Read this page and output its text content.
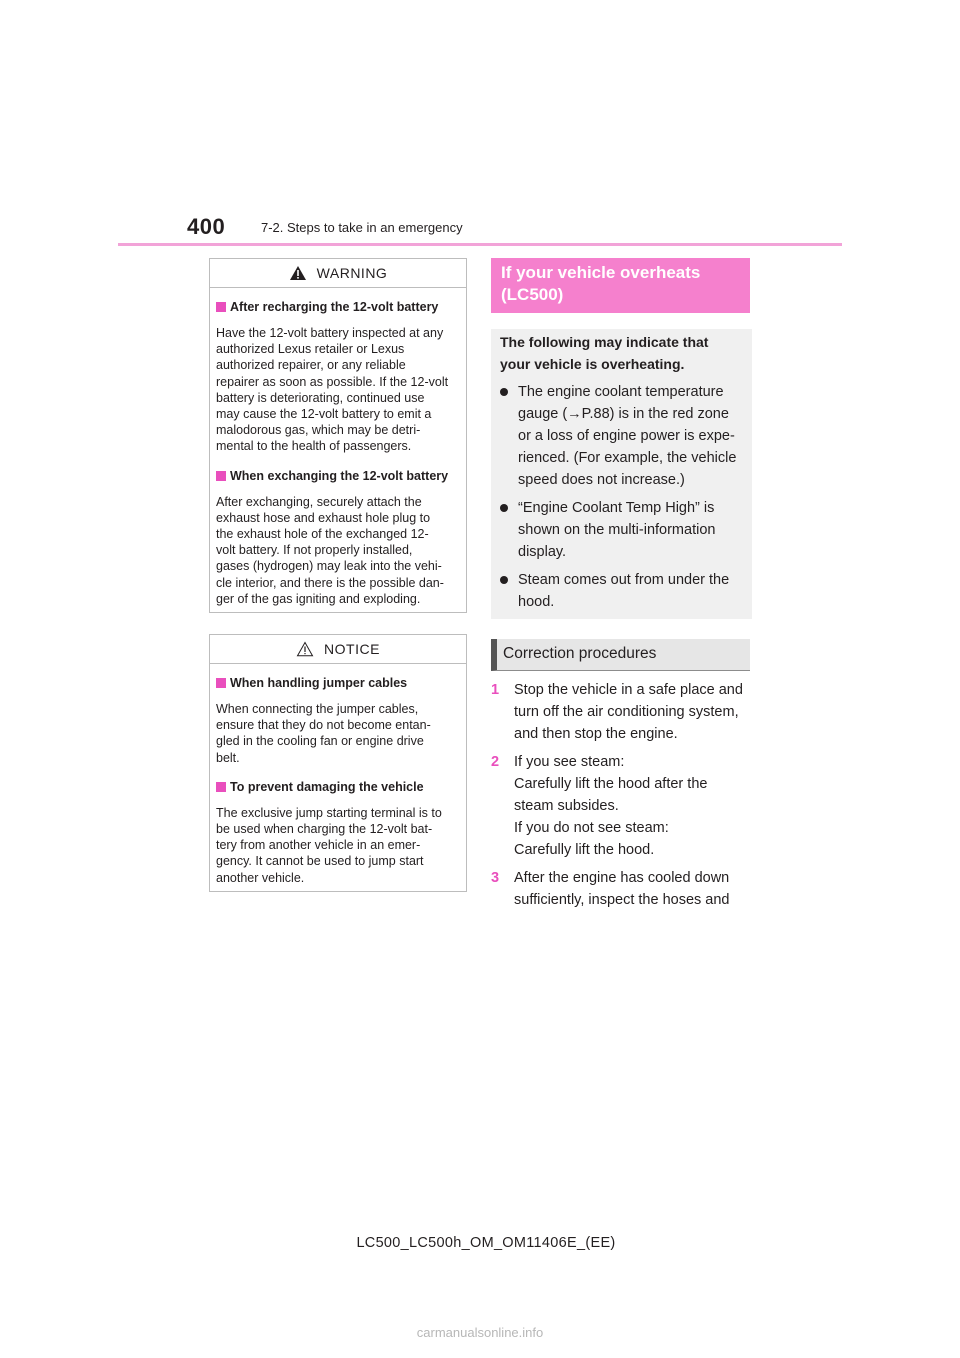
400	7-2. Steps to take in an emergency
WARNING
After recharging the 12-volt battery
Have the 12-volt battery inspected at any
authorized Lexus retailer or Lexus
authorized repairer, or any reliable
repairer as soon as possible. If the 12-volt
battery is deteriorating, continued use
may cause the 12-volt battery to emit a
malodorous gas, which may be detri-
mental to the health of passengers.
When exchanging the 12-volt battery
After exchanging, securely attach the
exhaust hose and exhaust hole plug to
the exhaust hole of the exchanged 12-
volt battery. If not properly installed,
gases (hydrogen) may leak into the vehi-
cle interior, and there is the possible dan-
ger of the gas igniting and exploding.
NOTICE
When handling jumper cables
When connecting the jumper cables,
ensure that they do not become entan-
gled in the cooling fan or engine drive
belt.
To prevent damaging the vehicle
The exclusive jump starting terminal is to
be used when charging the 12-volt bat-
tery from another vehicle in an emer-
gency. It cannot be used to jump start
another vehicle.
If your vehicle overheats
(LC500)
The following may indicate that
your vehicle is overheating.
The engine coolant temperature
gauge (→P.88) is in the red zone
or a loss of engine power is expe-
rienced. (For example, the vehicle
speed does not increase.)
“Engine Coolant Temp High” is
shown on the multi-information
display.
Steam comes out from under the
hood.
Correction procedures
1	Stop the vehicle in a safe place and
turn off the air conditioning system,
and then stop the engine.
2	If you see steam:
Carefully lift the hood after the
steam subsides.
If you do not see steam:
Carefully lift the hood.
3	After the engine has cooled down
sufficiently, inspect the hoses and
LC500_LC500h_OM_OM11406E_(EE)
carmanualsonline.info
